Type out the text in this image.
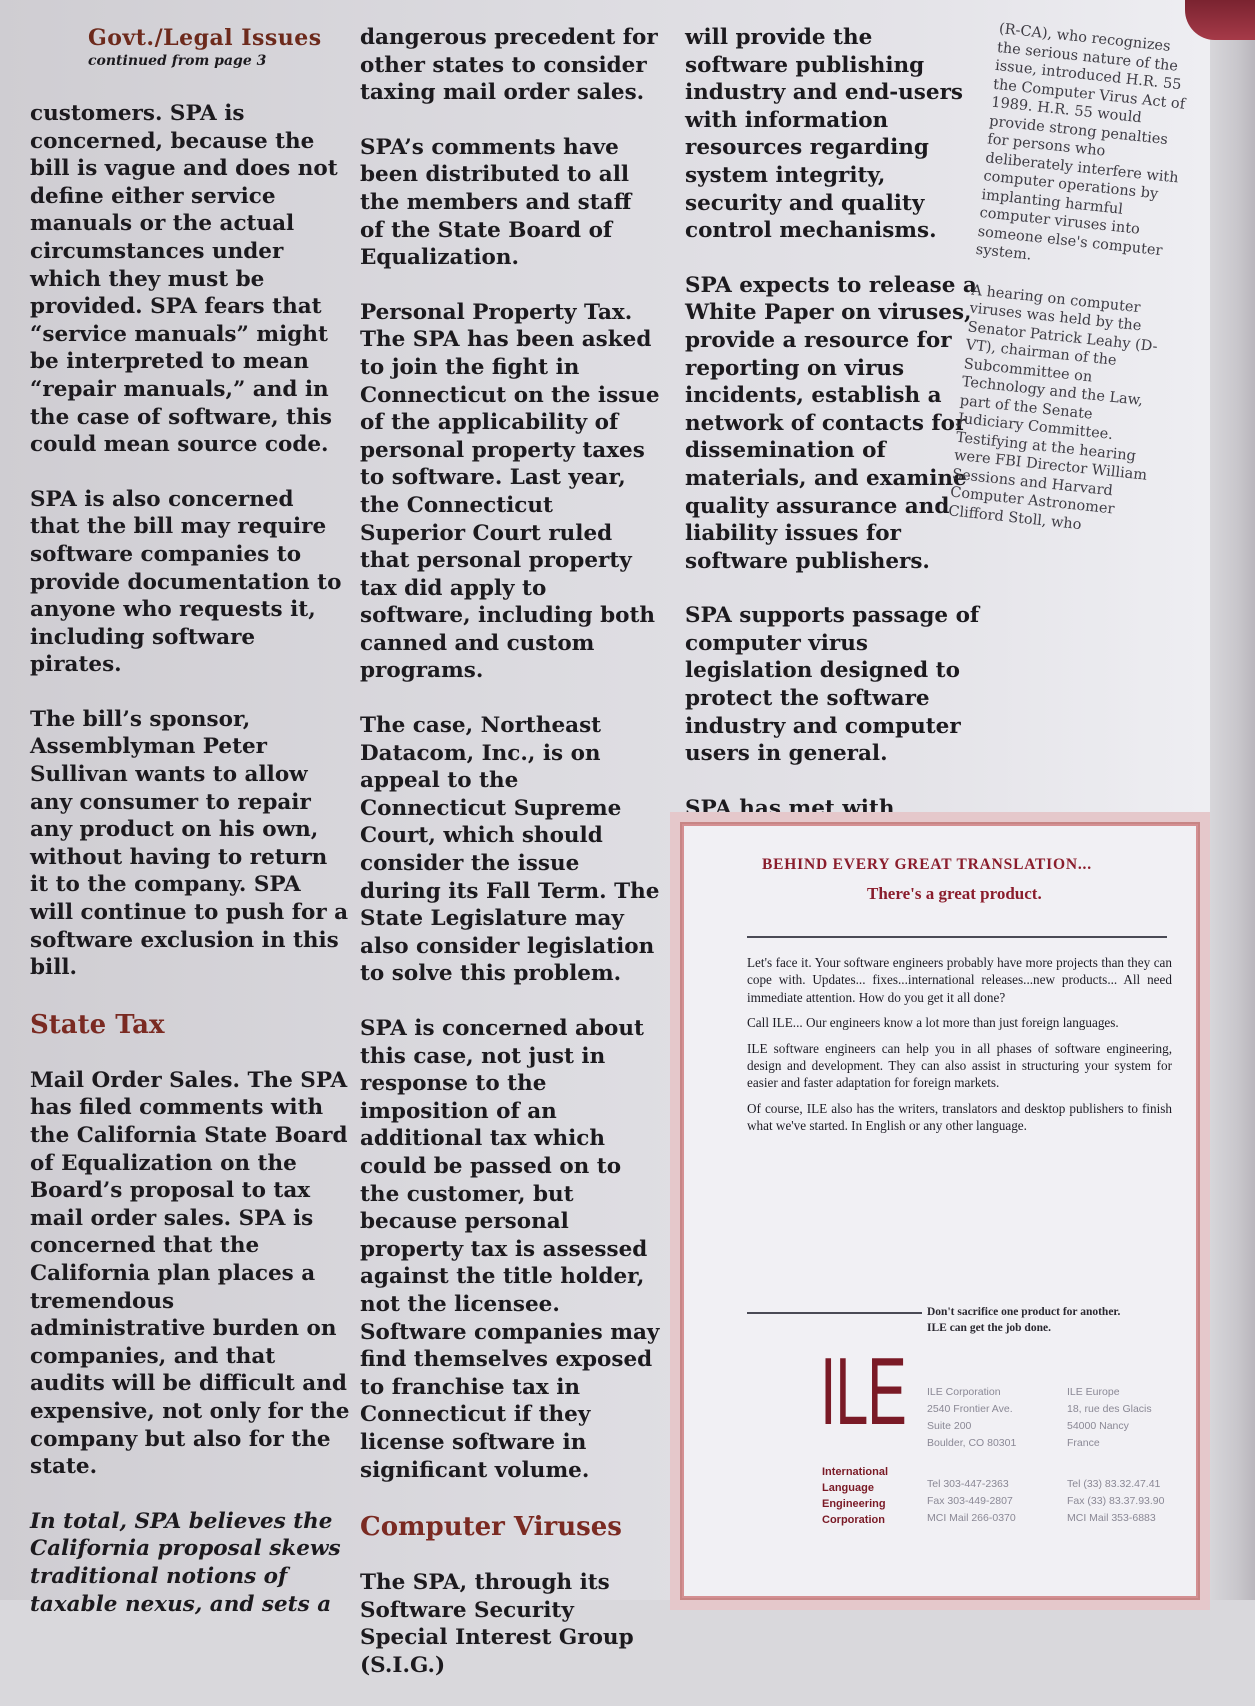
Govt./Legal Issues
continued from page 3

customers. SPA is concerned, because the bill is vague and does not define either service manuals or the actual circumstances under which they must be provided. SPA fears that “service manuals” might be interpreted to mean “repair manuals,” and in the case of software, this could mean source code.

SPA is also concerned that the bill may require software companies to provide documentation to anyone who requests it, including software pirates.

The bill’s sponsor, Assemblyman Peter Sullivan wants to allow any consumer to repair any product on his own, without having to return it to the company. SPA will continue to push for a software exclusion in this bill.

State Tax

Mail Order Sales. The SPA has filed comments with the California State Board of Equalization on the Board’s proposal to tax mail order sales. SPA is concerned that the California plan places a tremendous administrative burden on companies, and that audits will be difficult and expensive, not only for the company but also for the state.

In total, SPA believes the California proposal skews traditional notions of taxable nexus, and sets a

dangerous precedent for other states to consider taxing mail order sales.

SPA’s comments have been distributed to all the members and staff of the State Board of Equalization.

Personal Property Tax. The SPA has been asked to join the fight in Connecticut on the issue of the applicability of personal property taxes to software. Last year, the Connecticut Superior Court ruled that personal property tax did apply to software, including both canned and custom programs.

The case, Northeast Datacom, Inc., is on appeal to the Connecticut Supreme Court, which should consider the issue during its Fall Term. The State Legislature may also consider legislation to solve this problem.

SPA is concerned about this case, not just in response to the imposition of an additional tax which could be passed on to the customer, but because personal property tax is assessed against the title holder, not the licensee. Software companies may find themselves exposed to franchise tax in Connecticut if they license software in significant volume.

Computer Viruses

The SPA, through its Software Security Special Interest Group (S.I.G.)

will provide the software publishing industry and end-users with information resources regarding system integrity, security and quality control mechanisms.

SPA expects to release a White Paper on viruses, provide a resource for reporting on virus incidents, establish a network of contacts for dissemination of materials, and examine quality assurance and liability issues for software publishers.

SPA supports passage of computer virus legislation designed to protect the software industry and computer users in general.

SPA has met with

(R-CA), who recognizes the serious nature of the issue, introduced H.R. 55 the Computer Virus Act of 1989. H.R. 55 would provide strong penalties for persons who deliberately interfere with computer operations by implanting harmful computer viruses into someone else's computer system.

A hearing on computer viruses was held by the Senator Patrick Leahy (D-VT), chairman of the Subcommittee on Technology and the Law, part of the Senate Judiciary Committee. Testifying at the hearing were FBI Director William Sessions and Harvard Computer Astronomer Clifford Stoll, who

BEHIND EVERY GREAT TRANSLATION...
There's a great product.

Let's face it. Your software engineers probably have more projects than they can cope with. Updates... fixes...international releases...new products... All need immediate attention. How do you get it all done?

Call ILE... Our engineers know a lot more than just foreign languages.

ILE software engineers can help you in all phases of software engineering, design and development. They can also assist in structuring your system for easier and faster adaptation for foreign markets.

Of course, ILE also has the writers, translators and desktop publishers to finish what we've started. In English or any other language.

Don't sacrifice one product for another.
ILE can get the job done.
ILE
International
Language
Engineering
Corporation
ILE Corporation
2540 Frontier Ave.
Suite 200
Boulder, CO 80301
ILE Europe
18, rue des Glacis
54000 Nancy
France
Tel 303-447-2363
Fax 303-449-2807
MCI Mail 266-0370
Tel (33) 83.32.47.41
Fax (33) 83.37.93.90
MCI Mail 353-6883
